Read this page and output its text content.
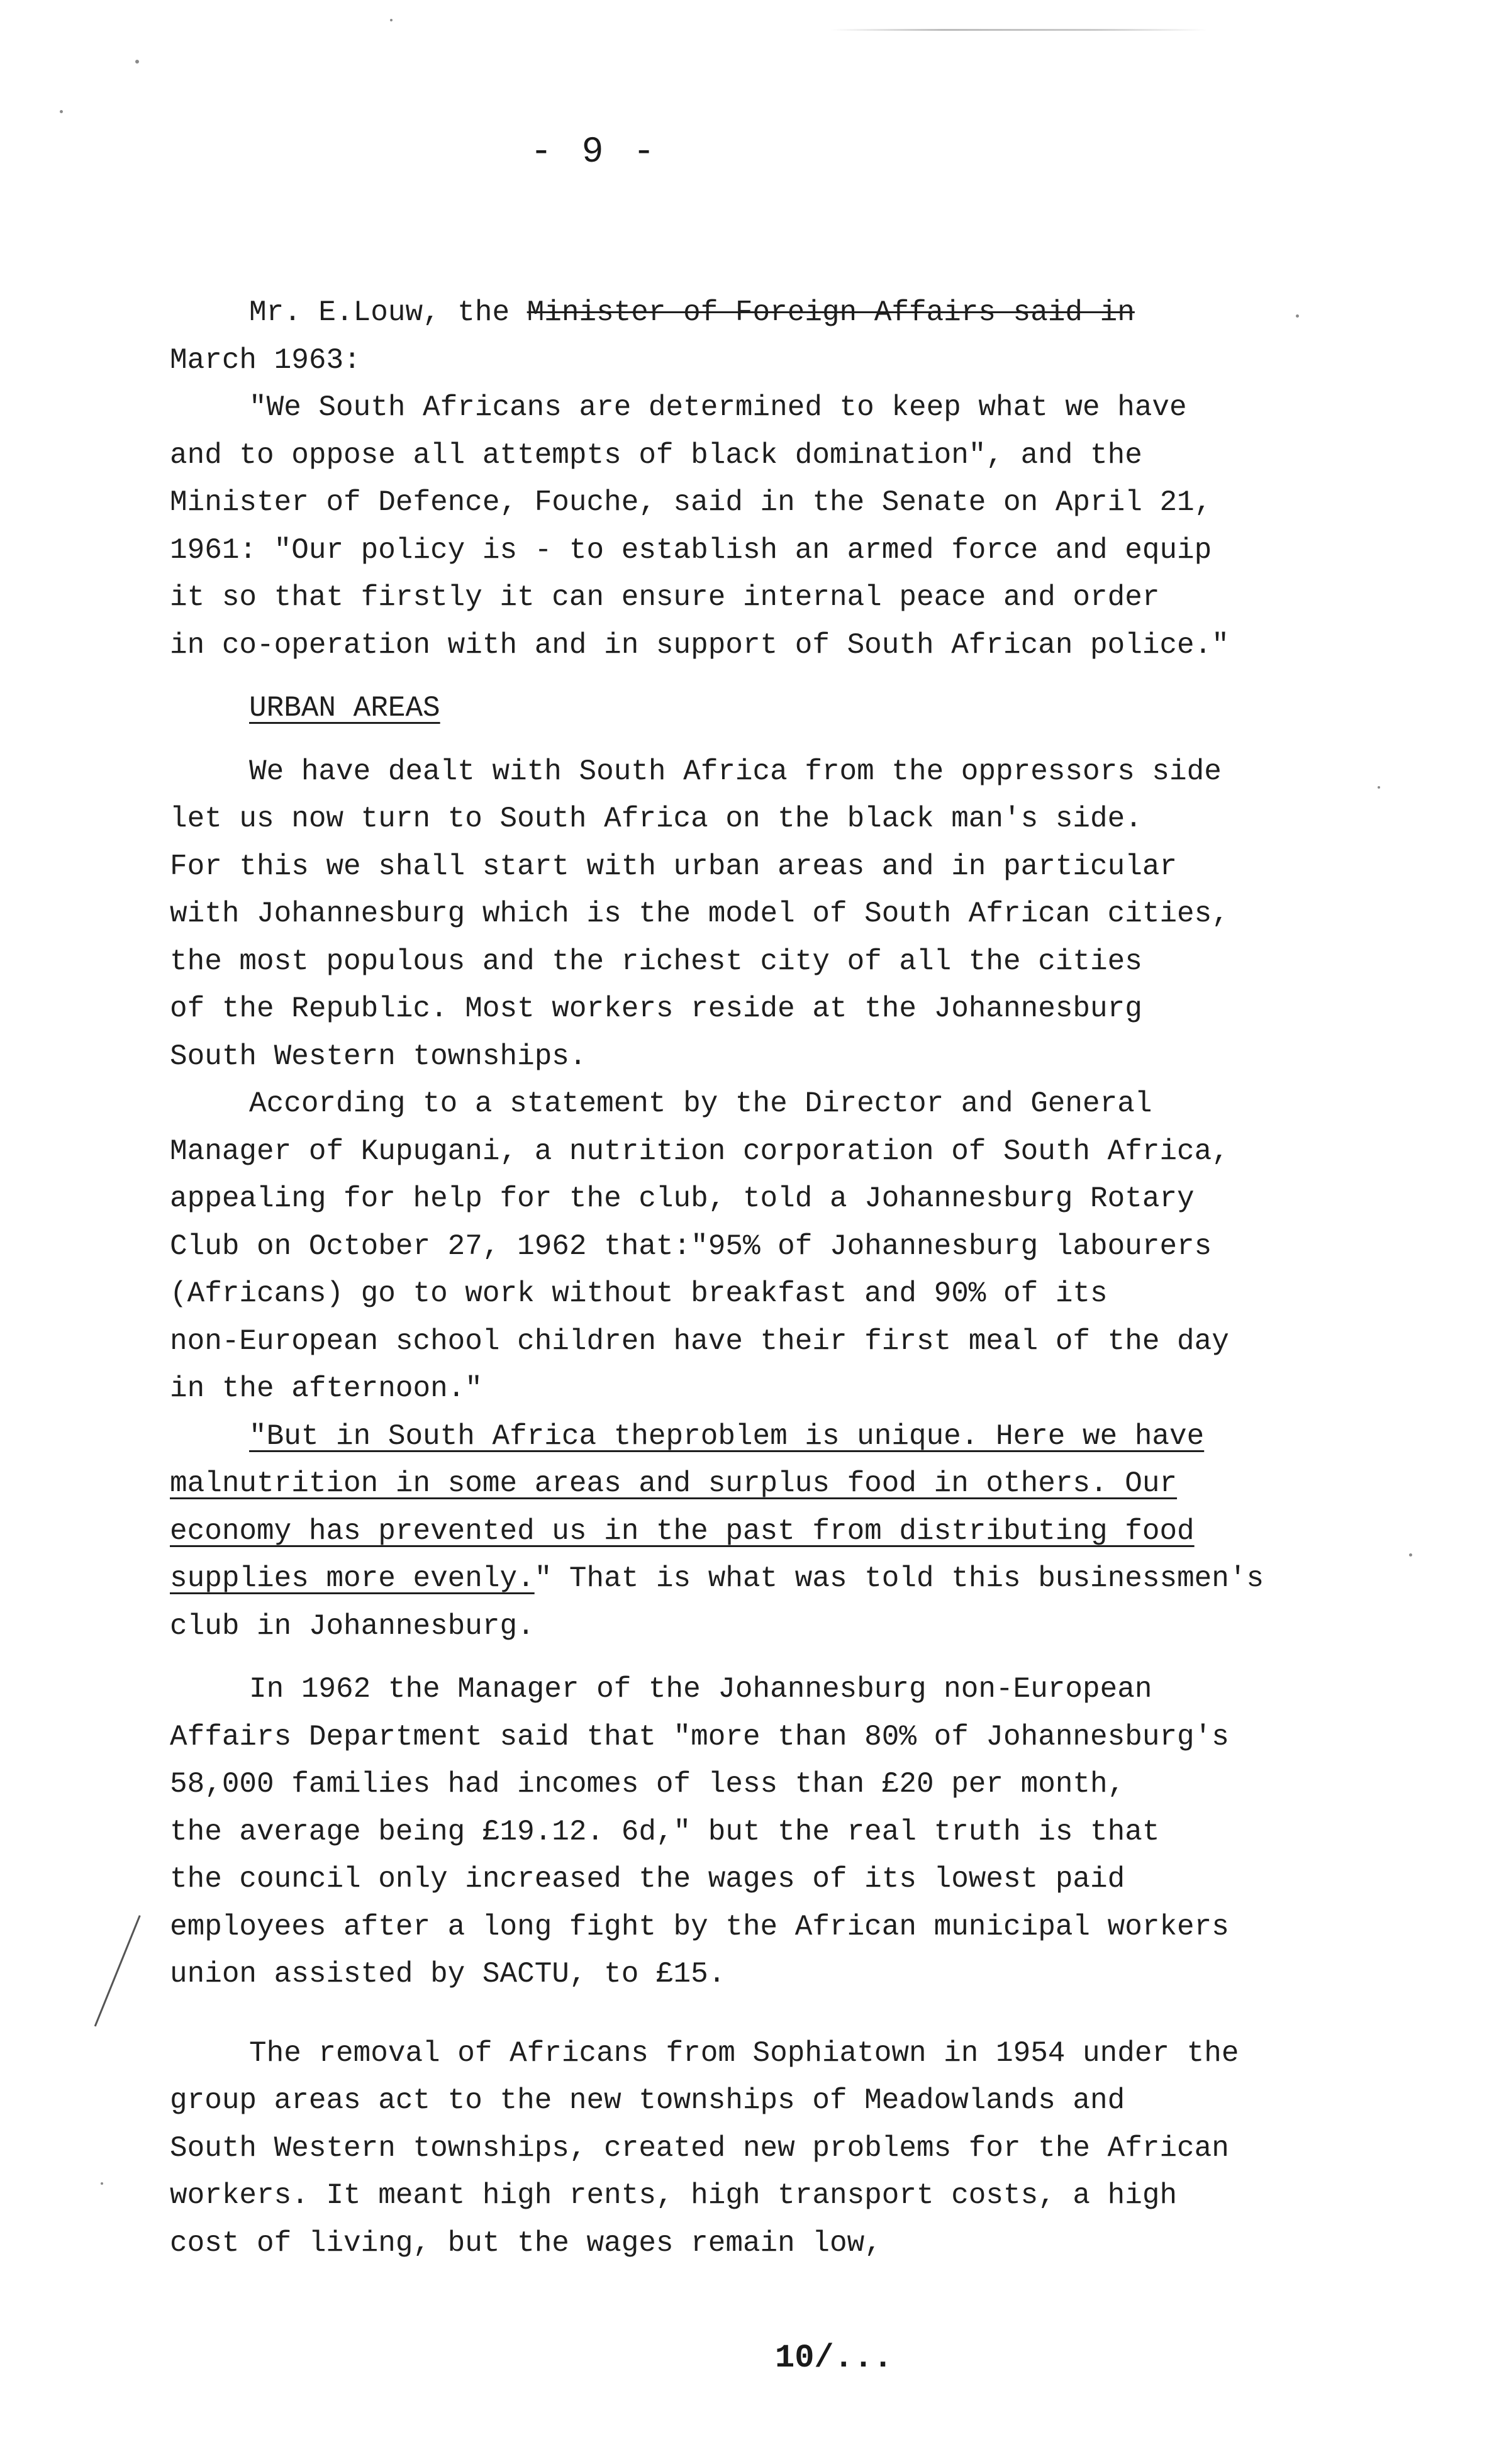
- 9 -
Mr. E.Louw, the Minister of Foreign Affairs said in
March 1963:
"We South Africans are determined to keep what we have
and to oppose all attempts of black domination", and the
Minister of Defence, Fouche, said in the Senate on April 21,
1961: "Our policy is - to establish an armed force and equip
it so that firstly it can ensure internal peace and order
in co-operation with and in support of South African police."
URBAN AREAS
We have dealt with South Africa from the oppressors side
let us now turn to South Africa on the black man's side.
For this we shall start with urban areas and in particular
with Johannesburg which is the model of South African cities,
the most populous and the richest city of all the cities
of the Republic. Most workers reside at the Johannesburg
South Western townships.
According to a statement by the Director and General
Manager of Kupugani, a nutrition corporation of South Africa,
appealing for help for the club, told a Johannesburg Rotary
Club on October 27, 1962 that:"95% of Johannesburg labourers
(Africans) go to work without breakfast and 90% of its
non-European school children have their first meal of the day
in the afternoon."
"But in South Africa theproblem is unique. Here we have
malnutrition in some areas and surplus food in others. Our
economy has prevented us in the past from distributing food
supplies more evenly." That is what was told this businessmen's
club in Johannesburg.
In 1962 the Manager of the Johannesburg non-European
Affairs Department said that "more than 80% of Johannesburg's
58,000 families had incomes of less than £20 per month,
the average being £19.12. 6d," but the real truth is that
the council only increased the wages of its lowest paid
employees after a long fight by the African municipal workers
union assisted by SACTU, to £15.
The removal of Africans from Sophiatown in 1954 under the
group areas act to the new townships of Meadowlands and
South Western townships, created new problems for the African
workers. It meant high rents, high transport costs, a high
cost of living, but the wages remain low,
10/...
